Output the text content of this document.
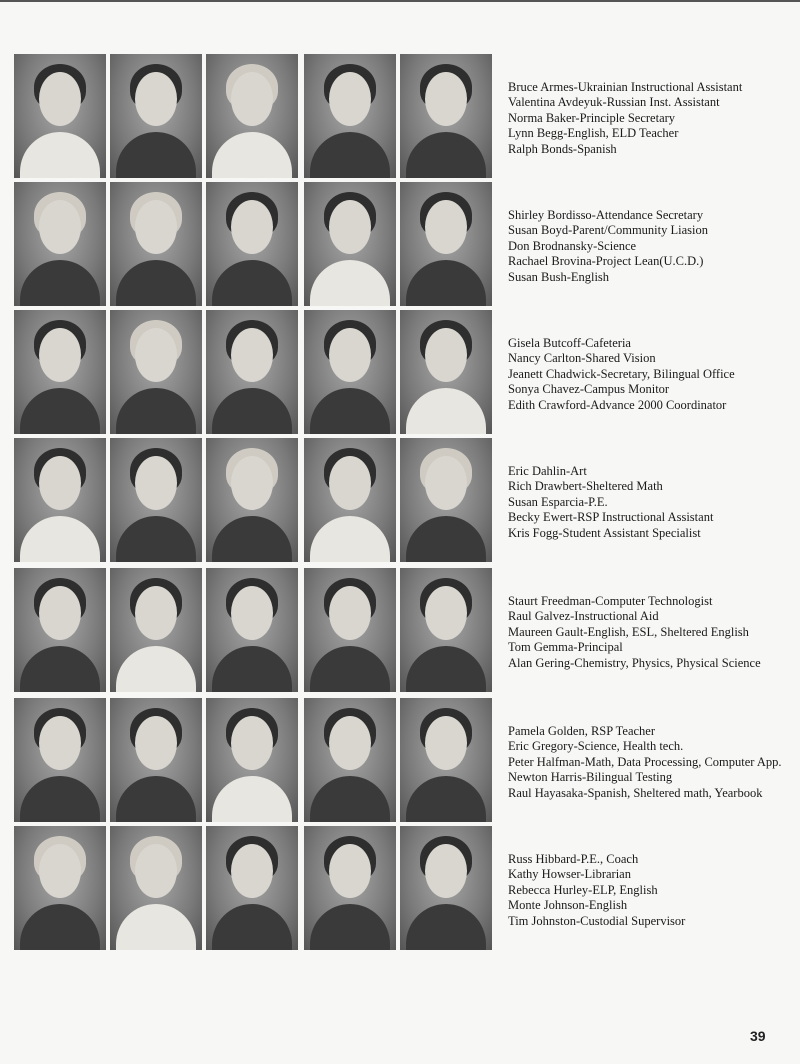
Bruce Armes-Ukrainian Instructional Assistant
Valentina Avdeyuk-Russian Inst. Assistant
Norma Baker-Principle Secretary
Lynn Begg-English, ELD Teacher
Ralph Bonds-Spanish
Shirley Bordisso-Attendance Secretary
Susan Boyd-Parent/Community Liasion
Don Brodnansky-Science
Rachael Brovina-Project Lean(U.C.D.)
Susan Bush-English
Gisela Butcoff-Cafeteria
Nancy Carlton-Shared Vision
Jeanett Chadwick-Secretary, Bilingual Office
Sonya Chavez-Campus Monitor
Edith Crawford-Advance 2000 Coordinator
Eric Dahlin-Art
Rich Drawbert-Sheltered Math
Susan Esparcia-P.E.
Becky Ewert-RSP Instructional Assistant
Kris Fogg-Student Assistant Specialist
Staurt Freedman-Computer Technologist
Raul Galvez-Instructional Aid
Maureen Gault-English, ESL, Sheltered English
Tom Gemma-Principal
Alan Gering-Chemistry, Physics, Physical Science
Pamela Golden, RSP Teacher
Eric Gregory-Science, Health tech.
Peter Halfman-Math, Data Processing, Computer App.
Newton Harris-Bilingual Testing
Raul Hayasaka-Spanish, Sheltered math, Yearbook
Russ Hibbard-P.E., Coach
Kathy Howser-Librarian
Rebecca Hurley-ELP, English
Monte Johnson-English
Tim Johnston-Custodial Supervisor
39
